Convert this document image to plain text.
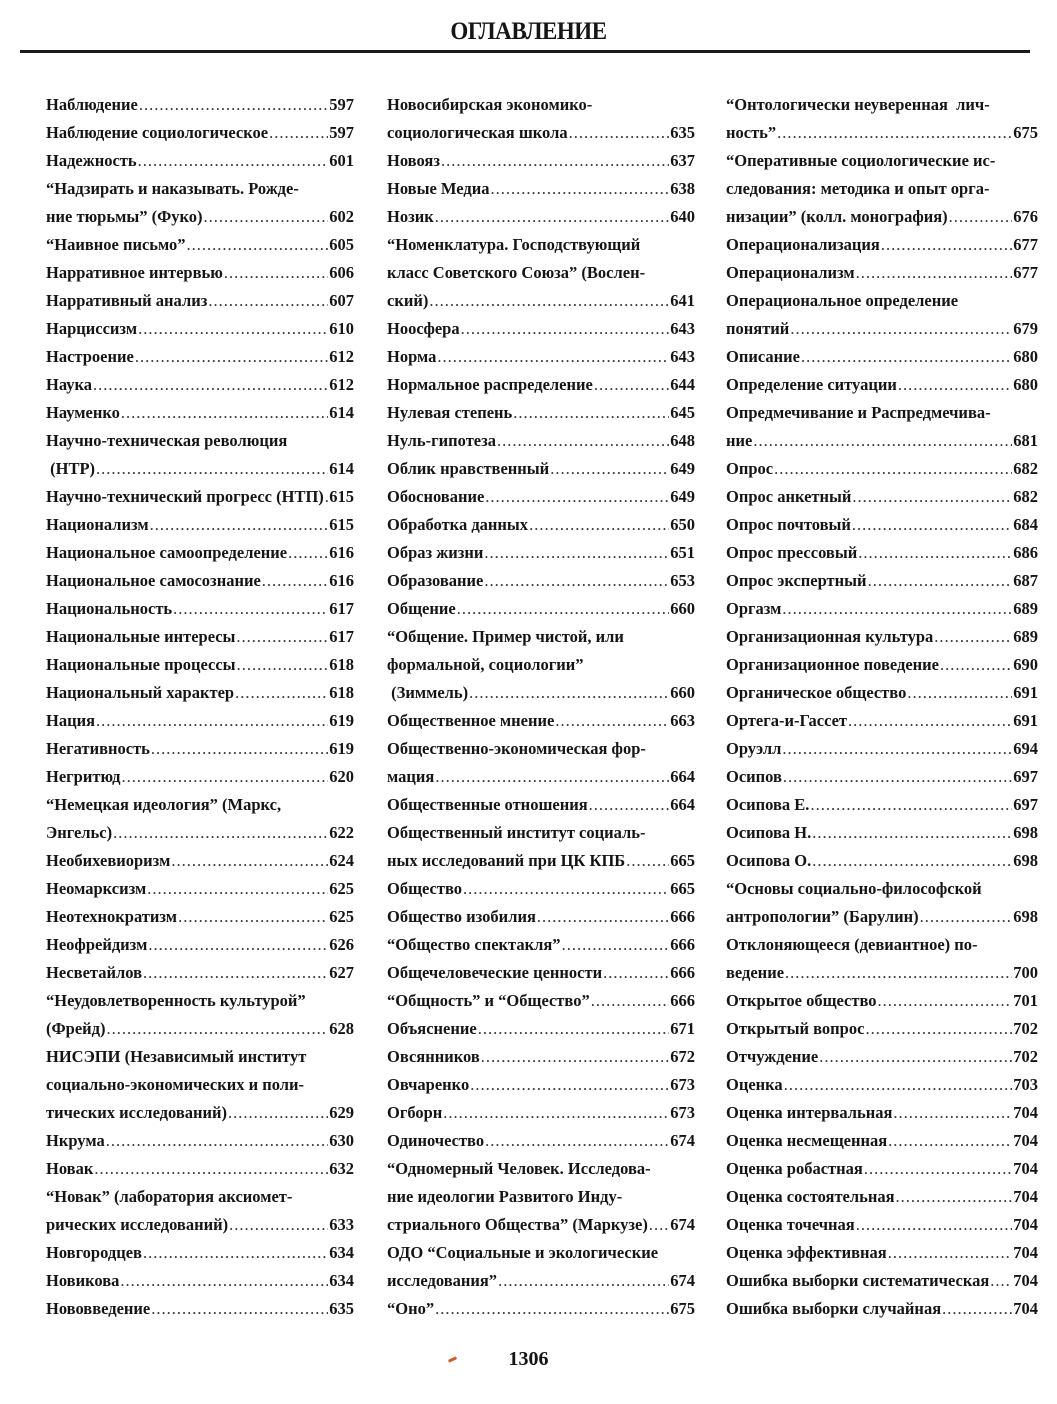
ОГЛАВЛЕНИЕ
Наблюдение .....	597
Наблюдение социологическое .....	597
Надежность .....	601
“Надзирать и наказывать. Рожде-
ние тюрьмы” (Фуко) .....	602
“Наивное письмо” .....	605
Нарративное интервью .....	606
Нарративный анализ .....	607
Нарциссизм .....	610
Настроение .....	612
Наука .....	612
Науменко .....	614
Научно-техническая революция
(НТР) .....	614
Научно-технический прогресс (НТП) ..... 615
Национализм .....	615
Национальное самоопределение .....	616
Национальное самосознание .....	616
Национальность .....	617
Национальные интересы .....	617
Национальные процессы .....	618
Национальный характер .....	618
Нация .....	619
Негативность .....	619
Негритюд .....	620
“Немецкая идеология” (Маркс,
Энгельс) .....	622
Необихевиоризм .....	624
Неомарксизм .....	625
Неотехнократизм .....	625
Неофрейдизм .....	626
Несветайлов .....	627
“Неудовлетворенность культурой”
(Фрейд) .....	628
НИСЭПИ (Независимый институт
социально-экономических и поли-
тических исследований) .....	629
Нкрума .....	630
Новак .....	632
“Новак” (лаборатория аксиомет-
рических исследований) .....	633
Новгородцев .....	634
Новикова .....	634
Нововведение .....	635
Новосибирская экономико-
социологическая школа .....	635
Новояз .....	637
Новые Медиа .....	638
Нозик .....	640
“Номенклатура. Господствующий
класс Советского Союза” (Вослен-
ский) .....	641
Ноосфера .....	643
Норма .....	643
Нормальное распределение .....	644
Нулевая степень .....	645
Нуль-гипотеза .....	648
Облик нравственный .....	649
Обоснование .....	649
Обработка данных .....	650
Образ жизни .....	651
Образование .....	653
Общение .....	660
“Общение. Пример чистой, или
формальной, социологии”
(Зиммель) .....	660
Общественное мнение .....	663
Общественно-экономическая фор-
мация .....	664
Общественные отношения .....	664
Общественный институт социаль-
ных исследований при ЦК КПБ .....	665
Общество .....	665
Общество изобилия .....	666
“Общество спектакля” .....	666
Общечеловеческие ценности .....	666
“Общность” и “Общество” .....	666
Объяснение .....	671
Овсянников .....	672
Овчаренко .....	673
Огборн .....	673
Одиночество .....	674
“Одномерный Человек. Исследова-
ние идеологии Развитого Инду-
стриального Общества” (Маркузе) ..... 674
ОДО “Социальные и экологические
исследования” .....	674
“Оно” .....	675
“Онтологически неуверенная  лич-
ность” .....	675
“Оперативные социологические ис-
следования: методика и опыт орга-
низации” (колл. монография) .....	676
Операционализация .....	677
Операционализм .....	677
Операциональное определение
понятий .....	679
Описание .....	680
Определение ситуации .....	680
Опредмечивание и Распредмечива-
ние .....	681
Опрос .....	682
Опрос анкетный .....	682
Опрос почтовый .....	684
Опрос прессовый .....	686
Опрос экспертный .....	687
Оргазм .....	689
Организационная культура .....	689
Организационное поведение .....	690
Органическое общество .....	691
Ортега-и-Гассет .....	691
Оруэлл .....	694
Осипов .....	697
Осипова Е. .....	697
Осипова Н. .....	698
Осипова О. .....	698
“Основы социально-философской
антропологии” (Барулин) .....	698
Отклоняющееся (девиантное) по-
ведение .....	700
Открытое общество .....	701
Открытый вопрос .....	702
Отчуждение .....	702
Оценка .....	703
Оценка интервальная .....	704
Оценка несмещенная .....	704
Оценка робастная .....	704
Оценка состоятельная .....	704
Оценка точечная .....	704
Оценка эффективная .....	704
Ошибка выборки систематическая ..... 704
Ошибка выборки случайная .....	704
1306
